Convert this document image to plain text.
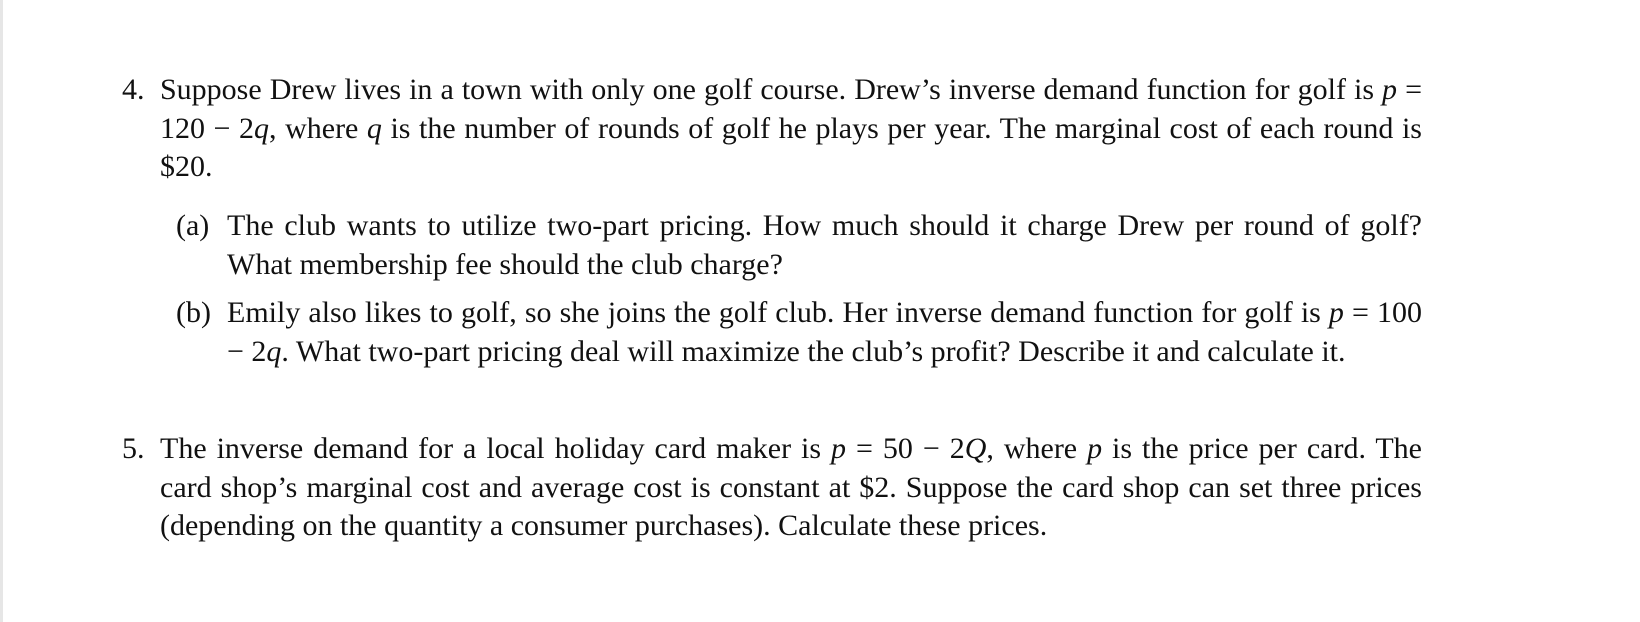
4. Suppose Drew lives in a town with only one golf course. Drew’s inverse demand function for golf is p = 120 − 2q, where q is the number of rounds of golf he plays per year. The marginal cost of each round is $20.
(a) The club wants to utilize two-part pricing. How much should it charge Drew per round of golf? What membership fee should the club charge?
(b) Emily also likes to golf, so she joins the golf club. Her inverse demand function for golf is p = 100 − 2q. What two-part pricing deal will maximize the club’s profit? Describe it and calculate it.
5. The inverse demand for a local holiday card maker is p = 50 − 2Q, where p is the price per card. The card shop’s marginal cost and average cost is constant at $2. Suppose the card shop can set three prices (depending on the quantity a consumer purchases). Calculate these prices.
